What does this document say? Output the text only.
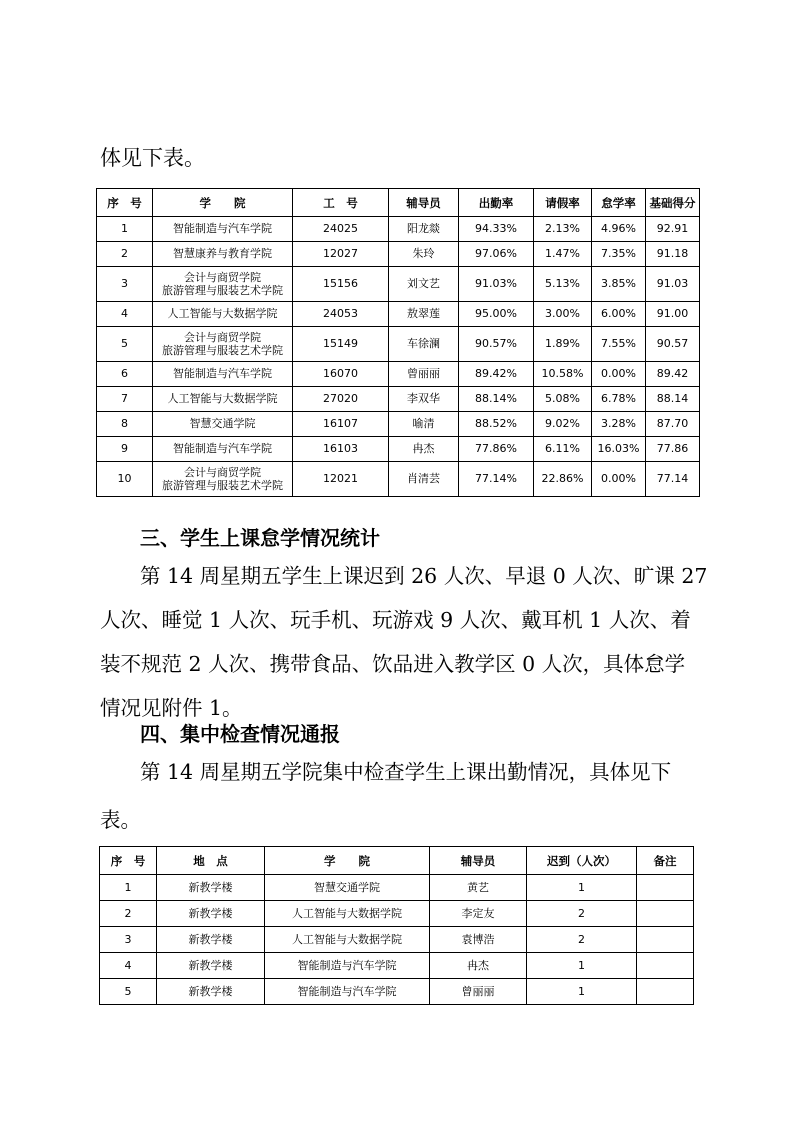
体见下表。
序　号	学　　院	工　号	辅导员	出勤率	请假率	怠学率	基础得分
1	智能制造与汽车学院	24025	阳龙燚	94.33%	2.13%	4.96%	92.91
2	智慧康养与教育学院	12027	朱玲	97.06%	1.47%	7.35%	91.18
3	会计与商贸学院
旅游管理与服装艺术学院	15156	刘文艺	91.03%	5.13%	3.85%	91.03
4	人工智能与大数据学院	24053	敖翠莲	95.00%	3.00%	6.00%	91.00
5	会计与商贸学院
旅游管理与服装艺术学院	15149	车徐澜	90.57%	1.89%	7.55%	90.57
6	智能制造与汽车学院	16070	曾丽丽	89.42%	10.58%	0.00%	89.42
7	人工智能与大数据学院	27020	李双华	88.14%	5.08%	6.78%	88.14
8	智慧交通学院	16107	喻清	88.52%	9.02%	3.28%	87.70
9	智能制造与汽车学院	16103	冉杰	77.86%	6.11%	16.03%	77.86
10	会计与商贸学院
旅游管理与服装艺术学院	12021	肖清芸	77.14%	22.86%	0.00%	77.14
三、学生上课怠学情况统计
第 14 周星期五学生上课迟到 26 人次、早退 0 人次、旷课 27
人次、睡觉 1 人次、玩手机、玩游戏 9 人次、戴耳机 1 人次、着
装不规范 2 人次、携带食品、饮品进入教学区 0 人次，具体怠学
情况见附件 1。
四、集中检查情况通报
第 14 周星期五学院集中检查学生上课出勤情况，具体见下
表。
序　号	地　点	学　　院	辅导员	迟到（人次）	备注
1	新教学楼	智慧交通学院	黄艺	1	
2	新教学楼	人工智能与大数据学院	李定友	2	
3	新教学楼	人工智能与大数据学院	袁博浩	2	
4	新教学楼	智能制造与汽车学院	冉杰	1	
5	新教学楼	智能制造与汽车学院	曾丽丽	1	
